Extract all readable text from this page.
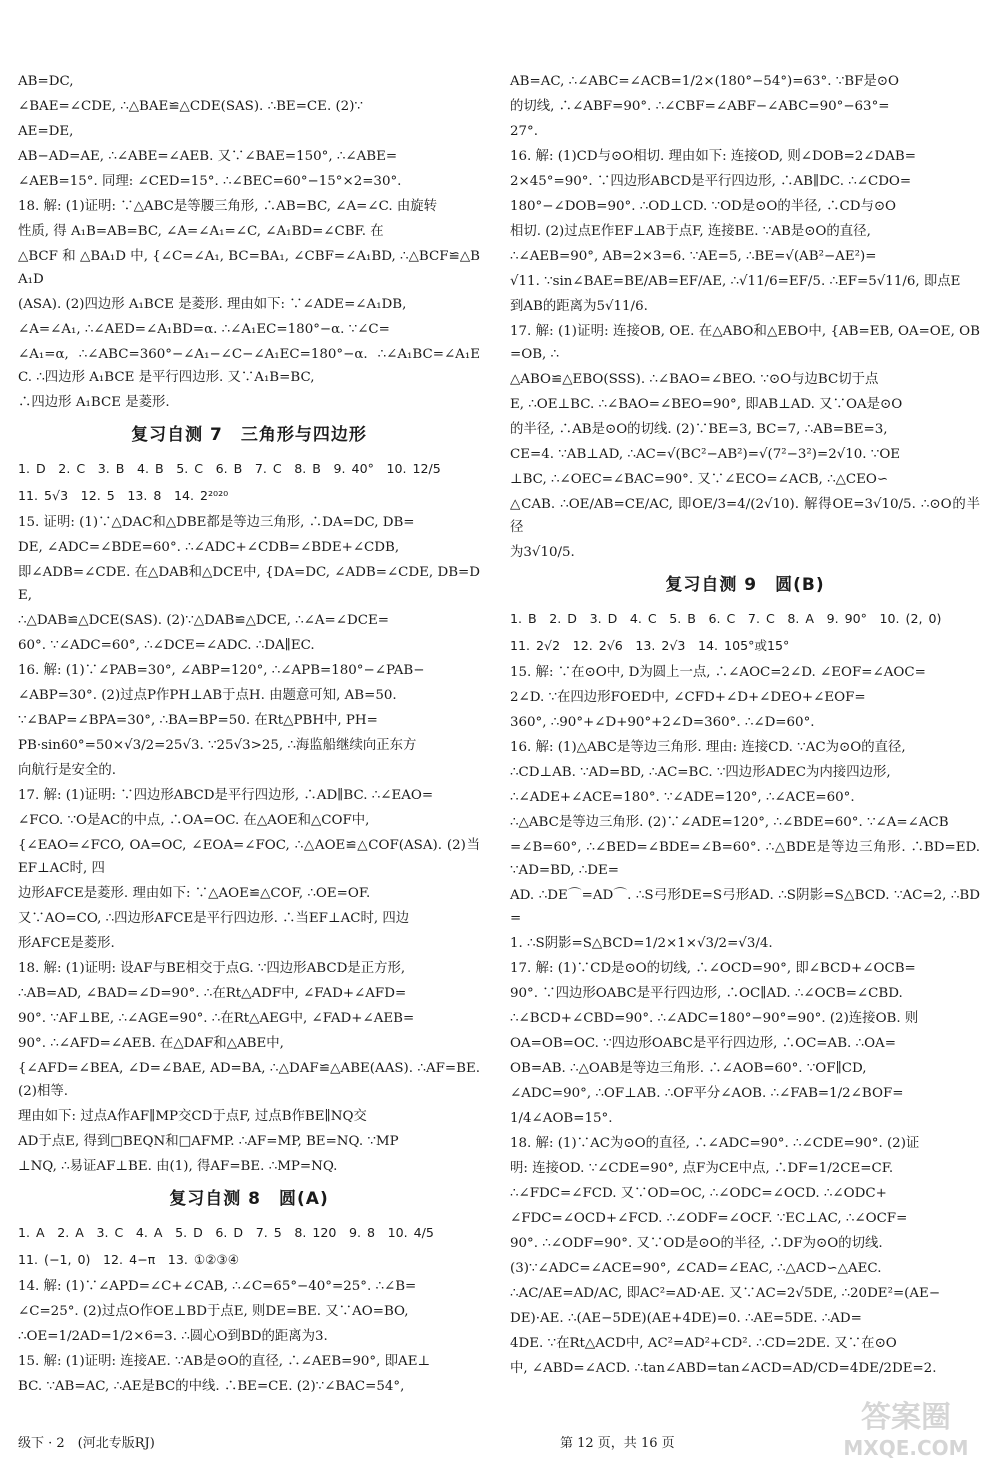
AB=DC,
∠BAE=∠CDE, ∴△BAE≌△CDE(SAS). ∴BE=CE. (2)∵
AE=DE,
AB−AD=AE, ∴∠ABE=∠AEB. 又∵∠BAE=150°, ∴∠ABE=
∠AEB=15°. 同理: ∠CED=15°. ∴∠BEC=60°−15°×2=30°.
18. 解: (1)证明: ∵△ABC是等腰三角形, ∴AB=BC, ∠A=∠C. 由旋转
性质, 得 A₁B=AB=BC, ∠A=∠A₁=∠C, ∠A₁BD=∠CBF. 在
△BCF 和 △BA₁D 中, {∠C=∠A₁, BC=BA₁, ∠CBF=∠A₁BD, ∴△BCF≌△BA₁D
(ASA). (2)四边形 A₁BCE 是菱形. 理由如下: ∵∠ADE=∠A₁DB,
∠A=∠A₁, ∴∠AED=∠A₁BD=α. ∴∠A₁EC=180°−α. ∵∠C=
∠A₁=α, ∴∠ABC=360°−∠A₁−∠C−∠A₁EC=180°−α. ∴∠A₁BC=∠A₁EC. ∴四边形 A₁BCE 是平行四边形. 又∵A₁B=BC,
∴四边形 A₁BCE 是菱形.
复习自测 7　三角形与四边形
1. D　2. C　3. B　4. B　5. C　6. B　7. C　8. B　9. 40°　10. 12/5
11. 5√3　12. 5　13. 8　14. 2²⁰²⁰
15. 证明: (1)∵△DAC和△DBE都是等边三角形, ∴DA=DC, DB=
DE, ∠ADC=∠BDE=60°. ∴∠ADC+∠CDB=∠BDE+∠CDB,
即∠ADB=∠CDE. 在△DAB和△DCE中, {DA=DC, ∠ADB=∠CDE, DB=DE,
∴△DAB≌△DCE(SAS). (2)∵△DAB≌△DCE, ∴∠A=∠DCE=
60°. ∵∠ADC=60°, ∴∠DCE=∠ADC. ∴DA∥EC.
16. 解: (1)∵∠PAB=30°, ∠ABP=120°, ∴∠APB=180°−∠PAB−
∠ABP=30°. (2)过点P作PH⊥AB于点H. 由题意可知, AB=50.
∵∠BAP=∠BPA=30°, ∴BA=BP=50. 在Rt△PBH中, PH=
PB·sin60°=50×√3/2=25√3. ∵25√3>25, ∴海监船继续向正东方
向航行是安全的.
17. 解: (1)证明: ∵四边形ABCD是平行四边形, ∴AD∥BC. ∴∠EAO=
∠FCO. ∵O是AC的中点, ∴OA=OC. 在△AOE和△COF中,
{∠EAO=∠FCO, OA=OC, ∠EOA=∠FOC, ∴△AOE≌△COF(ASA). (2)当EF⊥AC时, 四
边形AFCE是菱形. 理由如下: ∵△AOE≌△COF, ∴OE=OF.
又∵AO=CO, ∴四边形AFCE是平行四边形. ∴当EF⊥AC时, 四边
形AFCE是菱形.
18. 解: (1)证明: 设AF与BE相交于点G. ∵四边形ABCD是正方形,
∴AB=AD, ∠BAD=∠D=90°. ∴在Rt△ADF中, ∠FAD+∠AFD=
90°. ∵AF⊥BE, ∴∠AGE=90°. ∴在Rt△AEG中, ∠FAD+∠AEB=
90°. ∴∠AFD=∠AEB. 在△DAF和△ABE中,
{∠AFD=∠BEA, ∠D=∠BAE, AD=BA, ∴△DAF≌△ABE(AAS). ∴AF=BE. (2)相等.
理由如下: 过点A作AF∥MP交CD于点F, 过点B作BE∥NQ交
AD于点E, 得到□BEQN和□AFMP. ∴AF=MP, BE=NQ. ∵MP
⊥NQ, ∴易证AF⊥BE. 由(1), 得AF=BE. ∴MP=NQ.
复习自测 8　圆(A)
1. A　2. A　3. C　4. A　5. D　6. D　7. 5　8. 120　9. 8　10. 4/5
11. (−1, 0)　12. 4−π　13. ①②③④
14. 解: (1)∵∠APD=∠C+∠CAB, ∴∠C=65°−40°=25°. ∴∠B=
∠C=25°. (2)过点O作OE⊥BD于点E, 则DE=BE. 又∵AO=BO,
∴OE=1/2AD=1/2×6=3. ∴圆心O到BD的距离为3.
15. 解: (1)证明: 连接AE. ∵AB是⊙O的直径, ∴∠AEB=90°, 即AE⊥
BC. ∵AB=AC, ∴AE是BC的中线. ∴BE=CE. (2)∵∠BAC=54°,
AB=AC, ∴∠ABC=∠ACB=1/2×(180°−54°)=63°. ∵BF是⊙O
的切线, ∴∠ABF=90°. ∴∠CBF=∠ABF−∠ABC=90°−63°=
27°.
16. 解: (1)CD与⊙O相切. 理由如下: 连接OD, 则∠DOB=2∠DAB=
2×45°=90°. ∵四边形ABCD是平行四边形, ∴AB∥DC. ∴∠CDO=
180°−∠DOB=90°. ∴OD⊥CD. ∵OD是⊙O的半径, ∴CD与⊙O
相切. (2)过点E作EF⊥AB于点F, 连接BE. ∵AB是⊙O的直径,
∴∠AEB=90°, AB=2×3=6. ∵AE=5, ∴BE=√(AB²−AE²)=
√11. ∵sin∠BAE=BE/AB=EF/AE, ∴√11/6=EF/5. ∴EF=5√11/6, 即点E
到AB的距离为5√11/6.
17. 解: (1)证明: 连接OB, OE. 在△ABO和△EBO中, {AB=EB, OA=OE, OB=OB, ∴
△ABO≌△EBO(SSS). ∴∠BAO=∠BEO. ∵⊙O与边BC切于点
E, ∴OE⊥BC. ∴∠BAO=∠BEO=90°, 即AB⊥AD. 又∵OA是⊙O
的半径, ∴AB是⊙O的切线. (2)∵BE=3, BC=7, ∴AB=BE=3,
CE=4. ∵AB⊥AD, ∴AC=√(BC²−AB²)=√(7²−3²)=2√10. ∵OE
⊥BC, ∴∠OEC=∠BAC=90°. 又∵∠ECO=∠ACB, ∴△CEO∽
△CAB. ∴OE/AB=CE/AC, 即OE/3=4/(2√10). 解得OE=3√10/5. ∴⊙O的半径
为3√10/5.
复习自测 9　圆(B)
1. B　2. D　3. D　4. C　5. B　6. C　7. C　8. A　9. 90°　10. (2, 0)
11. 2√2　12. 2√6　13. 2√3　14. 105°或15°
15. 解: ∵在⊙O中, D为圆上一点, ∴∠AOC=2∠D. ∠EOF=∠AOC=
2∠D. ∵在四边形FOED中, ∠CFD+∠D+∠DEO+∠EOF=
360°, ∴90°+∠D+90°+2∠D=360°. ∴∠D=60°.
16. 解: (1)△ABC是等边三角形. 理由: 连接CD. ∵AC为⊙O的直径,
∴CD⊥AB. ∵AD=BD, ∴AC=BC. ∵四边形ADEC为内接四边形,
∴∠ADE+∠ACE=180°. ∵∠ADE=120°, ∴∠ACE=60°.
∴△ABC是等边三角形. (2)∵∠ADE=120°, ∴∠BDE=60°. ∵∠A=∠ACB
=∠B=60°, ∴∠BED=∠BDE=∠B=60°. ∴△BDE是等边三角形. ∴BD=ED. ∵AD=BD, ∴DE=
AD. ∴DE⌒=AD⌒. ∴S弓形DE=S弓形AD. ∴S阴影=S△BCD. ∵AC=2, ∴BD=
1. ∴S阴影=S△BCD=1/2×1×√3/2=√3/4.
17. 解: (1)∵CD是⊙O的切线, ∴∠OCD=90°, 即∠BCD+∠OCB=
90°. ∵四边形OABC是平行四边形, ∴OC∥AD. ∴∠OCB=∠CBD.
∴∠BCD+∠CBD=90°. ∴∠ADC=180°−90°=90°. (2)连接OB. 则
OA=OB=OC. ∵四边形OABC是平行四边形, ∴OC=AB. ∴OA=
OB=AB. ∴△OAB是等边三角形. ∴∠AOB=60°. ∵OF∥CD,
∠ADC=90°, ∴OF⊥AB. ∴OF平分∠AOB. ∴∠FAB=1/2∠BOF=
1/4∠AOB=15°.
18. 解: (1)∵AC为⊙O的直径, ∴∠ADC=90°. ∴∠CDE=90°. (2)证
明: 连接OD. ∵∠CDE=90°, 点F为CE中点, ∴DF=1/2CE=CF.
∴∠FDC=∠FCD. 又∵OD=OC, ∴∠ODC=∠OCD. ∴∠ODC+
∠FDC=∠OCD+∠FCD. ∴∠ODF=∠OCF. ∵EC⊥AC, ∴∠OCF=
90°. ∴∠ODF=90°. 又∵OD是⊙O的半径, ∴DF为⊙O的切线.
(3)∵∠ADC=∠ACE=90°, ∠CAD=∠EAC, ∴△ACD∽△AEC.
∴AC/AE=AD/AC, 即AC²=AD·AE. 又∵AC=2√5DE, ∴20DE²=(AE−
DE)·AE. ∴(AE−5DE)(AE+4DE)=0. ∴AE=5DE. ∴AD=
4DE. ∵在Rt△ACD中, AC²=AD²+CD². ∴CD=2DE. 又∵在⊙O
中, ∠ABD=∠ACD. ∴tan∠ABD=tan∠ACD=AD/CD=4DE/2DE=2.
级下 · 2　(河北专版RJ)	第 12 页，共 16 页
答案圈
MXQE.COM
